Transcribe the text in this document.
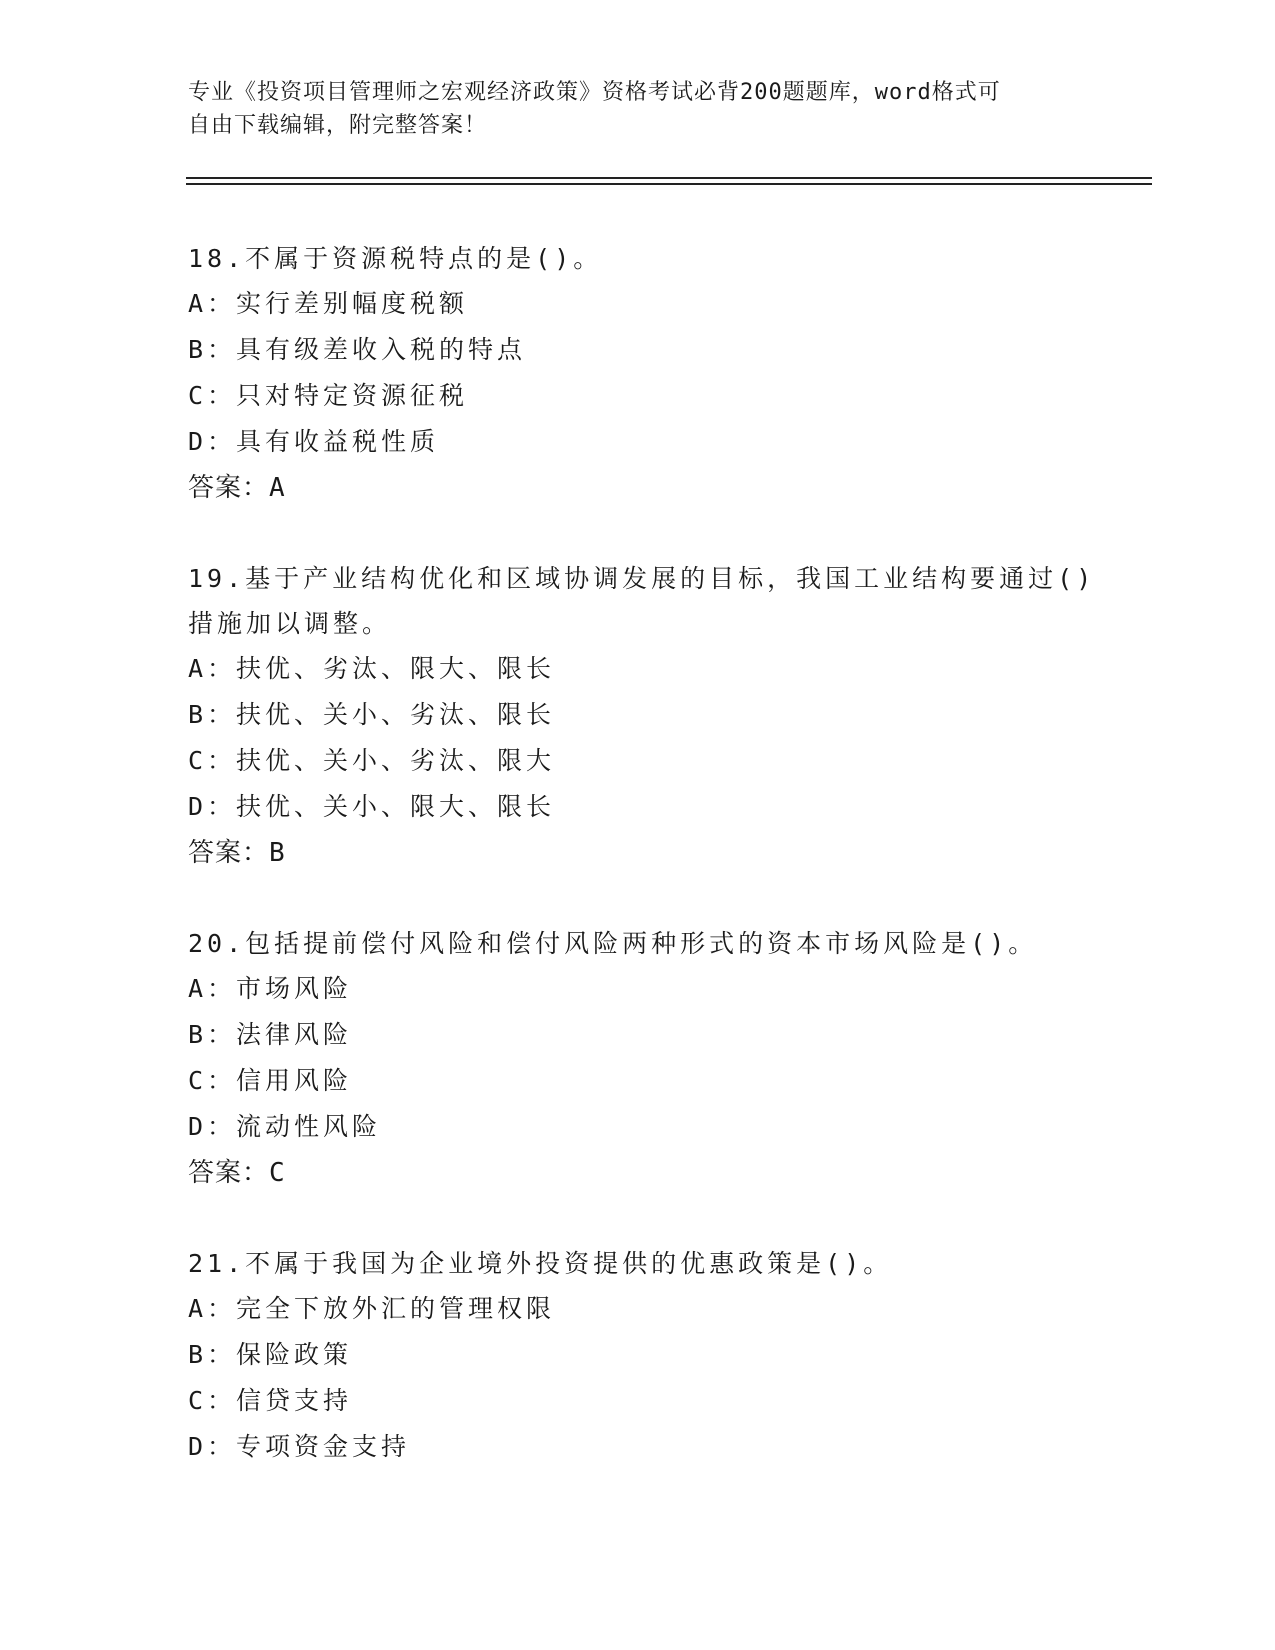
专业《投资项目管理师之宏观经济政策》资格考试必背200题题库，word格式可
自由下载编辑，附完整答案！
18.不属于资源税特点的是()。
A：实行差别幅度税额
B：具有级差收入税的特点
C：只对特定资源征税
D：具有收益税性质
答案：A
19.基于产业结构优化和区域协调发展的目标，我国工业结构要通过()措施加以调整。
A：扶优、劣汰、限大、限长
B：扶优、关小、劣汰、限长
C：扶优、关小、劣汰、限大
D：扶优、关小、限大、限长
答案：B
20.包括提前偿付风险和偿付风险两种形式的资本市场风险是()。
A：市场风险
B：法律风险
C：信用风险
D：流动性风险
答案：C
21.不属于我国为企业境外投资提供的优惠政策是()。
A：完全下放外汇的管理权限
B：保险政策
C：信贷支持
D：专项资金支持
